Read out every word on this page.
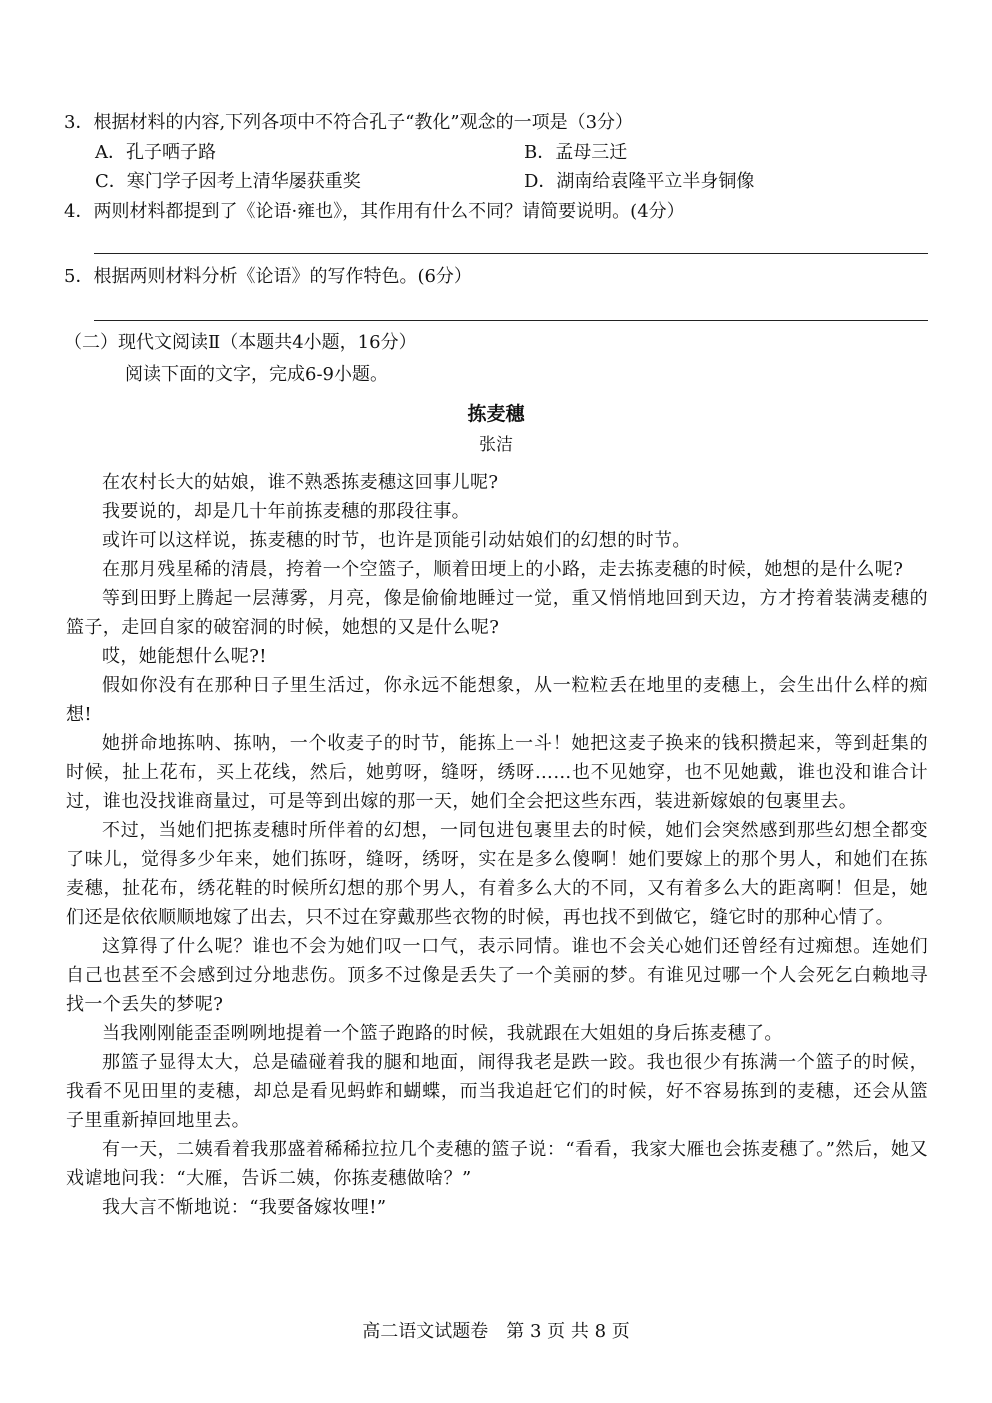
3．根据材料的内容,下列各项中不符合孔子“教化”观念的一项是（3分）
A．孔子哂子路	B．孟母三迁
C．寒门学子因考上清华屡获重奖	D．湖南给袁隆平立半身铜像
4．两则材料都提到了《论语·雍也》，其作用有什么不同？请简要说明。(4分）
5．根据两则材料分析《论语》的写作特色。(6分）
（二）现代文阅读Ⅱ（本题共4小题，16分）
阅读下面的文字，完成6-9小题。
拣麦穗
张洁

在农村长大的姑娘，谁不熟悉拣麦穗这回事儿呢?

我要说的，却是几十年前拣麦穗的那段往事。

或许可以这样说，拣麦穗的时节，也许是顶能引动姑娘们的幻想的时节。

在那月残星稀的清晨，挎着一个空篮子，顺着田埂上的小路，走去拣麦穗的时候，她想的是什么呢?

等到田野上腾起一层薄雾，月亮，像是偷偷地睡过一觉，重又悄悄地回到天边，方才挎着装满麦穗的篮子，走回自家的破窑洞的时候，她想的又是什么呢?

哎，她能想什么呢?!

假如你没有在那种日子里生活过，你永远不能想象，从一粒粒丢在地里的麦穗上，会生出什么样的痴想!

她拼命地拣呐、拣呐，一个收麦子的时节，能拣上一斗！她把这麦子换来的钱积攒起来，等到赶集的时候，扯上花布，买上花线，然后，她剪呀，缝呀，绣呀……也不见她穿，也不见她戴，谁也没和谁合计过，谁也没找谁商量过，可是等到出嫁的那一天，她们全会把这些东西，装进新嫁娘的包裹里去。

不过，当她们把拣麦穗时所伴着的幻想，一同包进包裹里去的时候，她们会突然感到那些幻想全都变了味儿，觉得多少年来，她们拣呀，缝呀，绣呀，实在是多么傻啊！她们要嫁上的那个男人，和她们在拣麦穗，扯花布，绣花鞋的时候所幻想的那个男人，有着多么大的不同，又有着多么大的距离啊！但是，她们还是依依顺顺地嫁了出去，只不过在穿戴那些衣物的时候，再也找不到做它，缝它时的那种心情了。

这算得了什么呢？谁也不会为她们叹一口气，表示同情。谁也不会关心她们还曾经有过痴想。连她们自己也甚至不会感到过分地悲伤。顶多不过像是丢失了一个美丽的梦。有谁见过哪一个人会死乞白赖地寻找一个丢失的梦呢?

当我刚刚能歪歪咧咧地提着一个篮子跑路的时候，我就跟在大姐姐的身后拣麦穗了。

那篮子显得太大，总是磕碰着我的腿和地面，闹得我老是跌一跤。我也很少有拣满一个篮子的时候，我看不见田里的麦穗，却总是看见蚂蚱和蝴蝶，而当我追赶它们的时候，好不容易拣到的麦穗，还会从篮子里重新掉回地里去。

有一天，二姨看着我那盛着稀稀拉拉几个麦穗的篮子说：“看看，我家大雁也会拣麦穗了。”然后，她又戏谑地问我：“大雁，告诉二姨，你拣麦穗做啥？”

我大言不惭地说：“我要备嫁妆哩!”

高二语文试题卷　第 3 页 共 8 页
